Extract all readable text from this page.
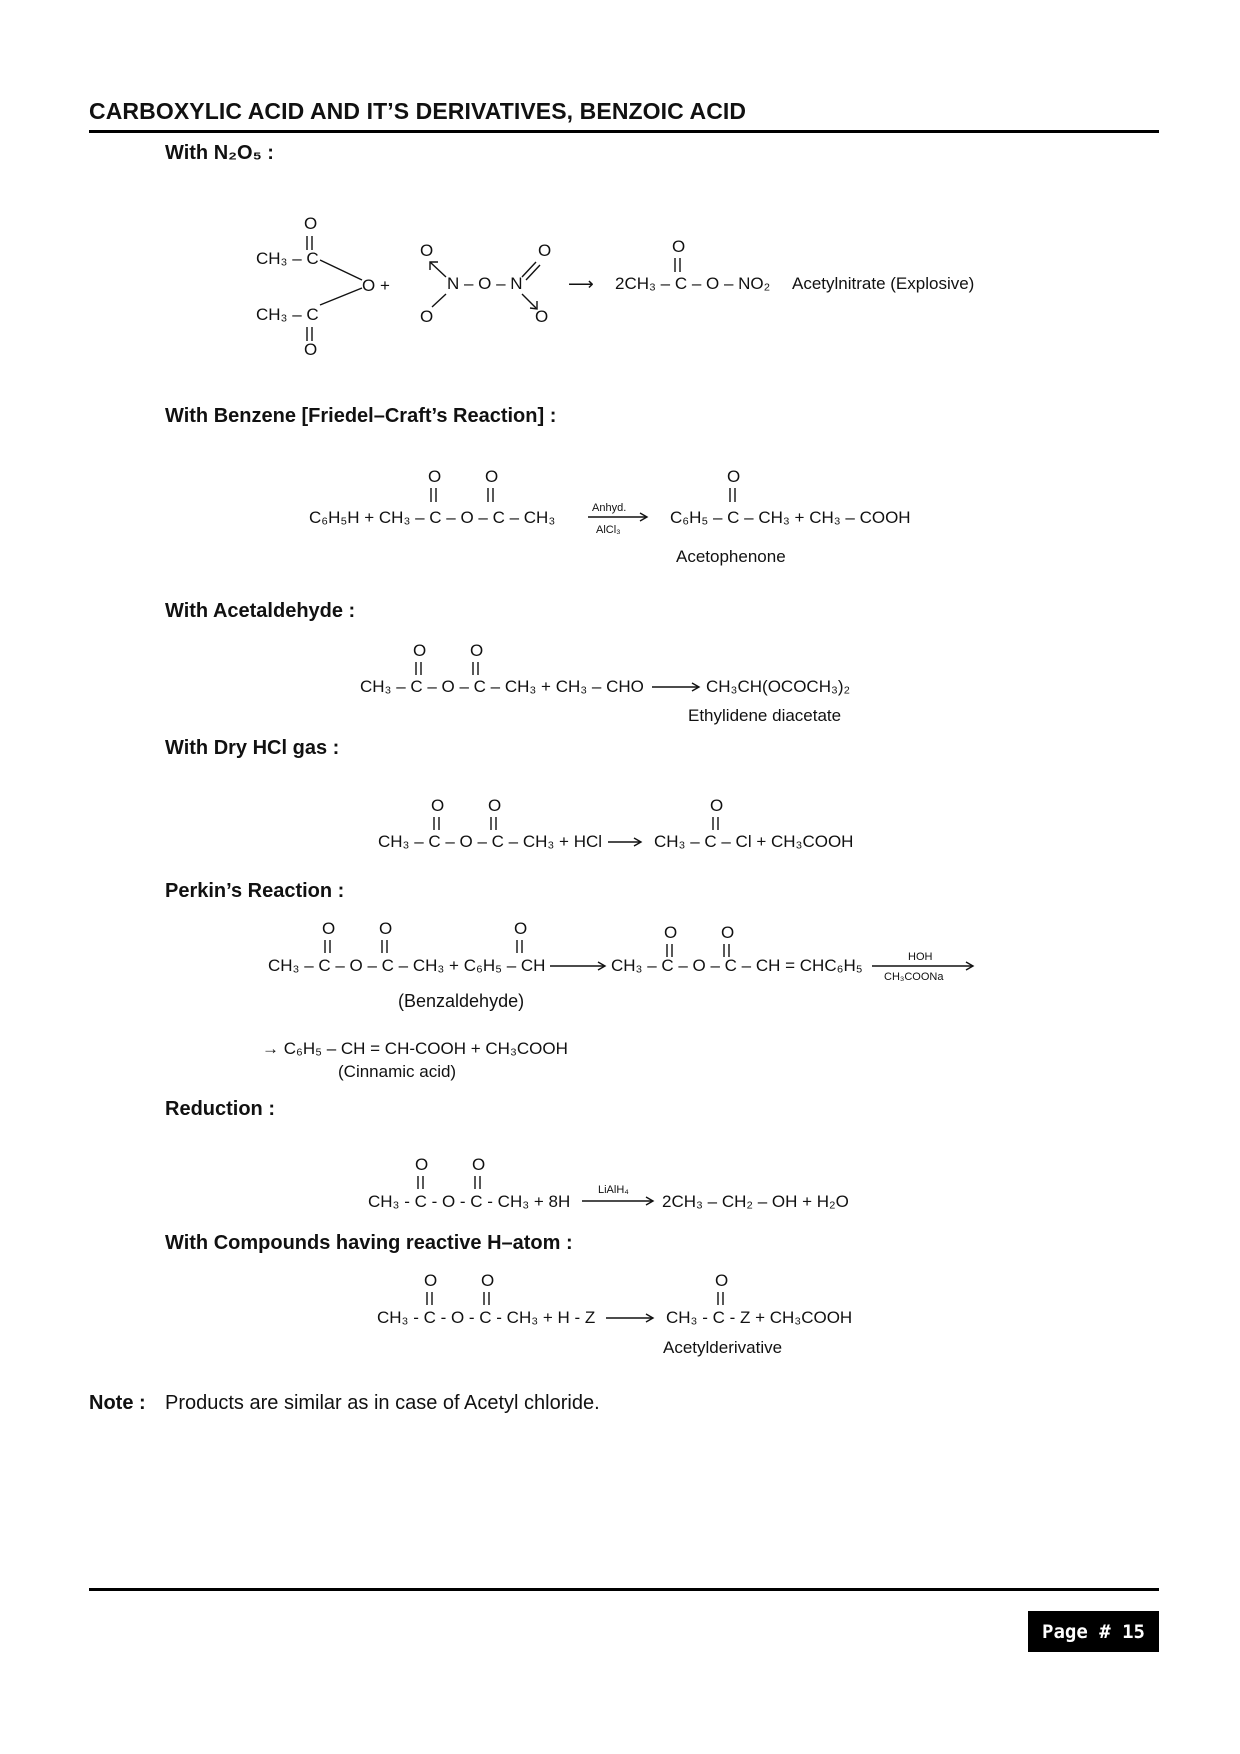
CARBOXYLIC ACID AND IT’S DERIVATIVES, BENZOIC ACID
With N₂O₅ :
O
CH₃ – C
O +
CH₃ – C
O
O
N – O – N
O
O
O
⟶
O
2CH₃ – C – O – NO₂ Acetylnitrate (Explosive)
With Benzene [Friedel–Craft’s Reaction] :
O	O
C₆H₅H + CH₃ – C – O – C – CH₃	Anhyd.
AlCl₃
O
C₆H₅ – C – CH₃ + CH₃ – COOH
Acetophenone
With Acetaldehyde :
O	O
CH₃ – C – O – C – CH₃ + CH₃ – CHO	CH₃CH(OCOCH₃)₂
Ethylidene diacetate
With Dry HCl gas :
O	O
CH₃ – C – O – C – CH₃ + HCl
O
CH₃ – C – Cl + CH₃COOH
Perkin’s Reaction :
O	O	O
CH₃ – C – O – C – CH₃ + C₆H₅ – CH
(Benzaldehyde)
O	O
CH₃ – C – O – C – CH = CHC₆H₅	HOH
CH₃COONa
→ C₆H₅ – CH = CH-COOH + CH₃COOH
(Cinnamic acid)
Reduction :
O	O
CH₃ - C - O - C - CH₃ + 8H
LiAlH₄
2CH₃ – CH₂ – OH + H₂O
With Compounds having reactive H–atom :
O	O
CH₃ - C - O - C - CH₃ + H - Z
O
CH₃ - C - Z + CH₃COOH
Acetylderivative
Note : Products are similar as in case of Acetyl chloride.
Page # 15
